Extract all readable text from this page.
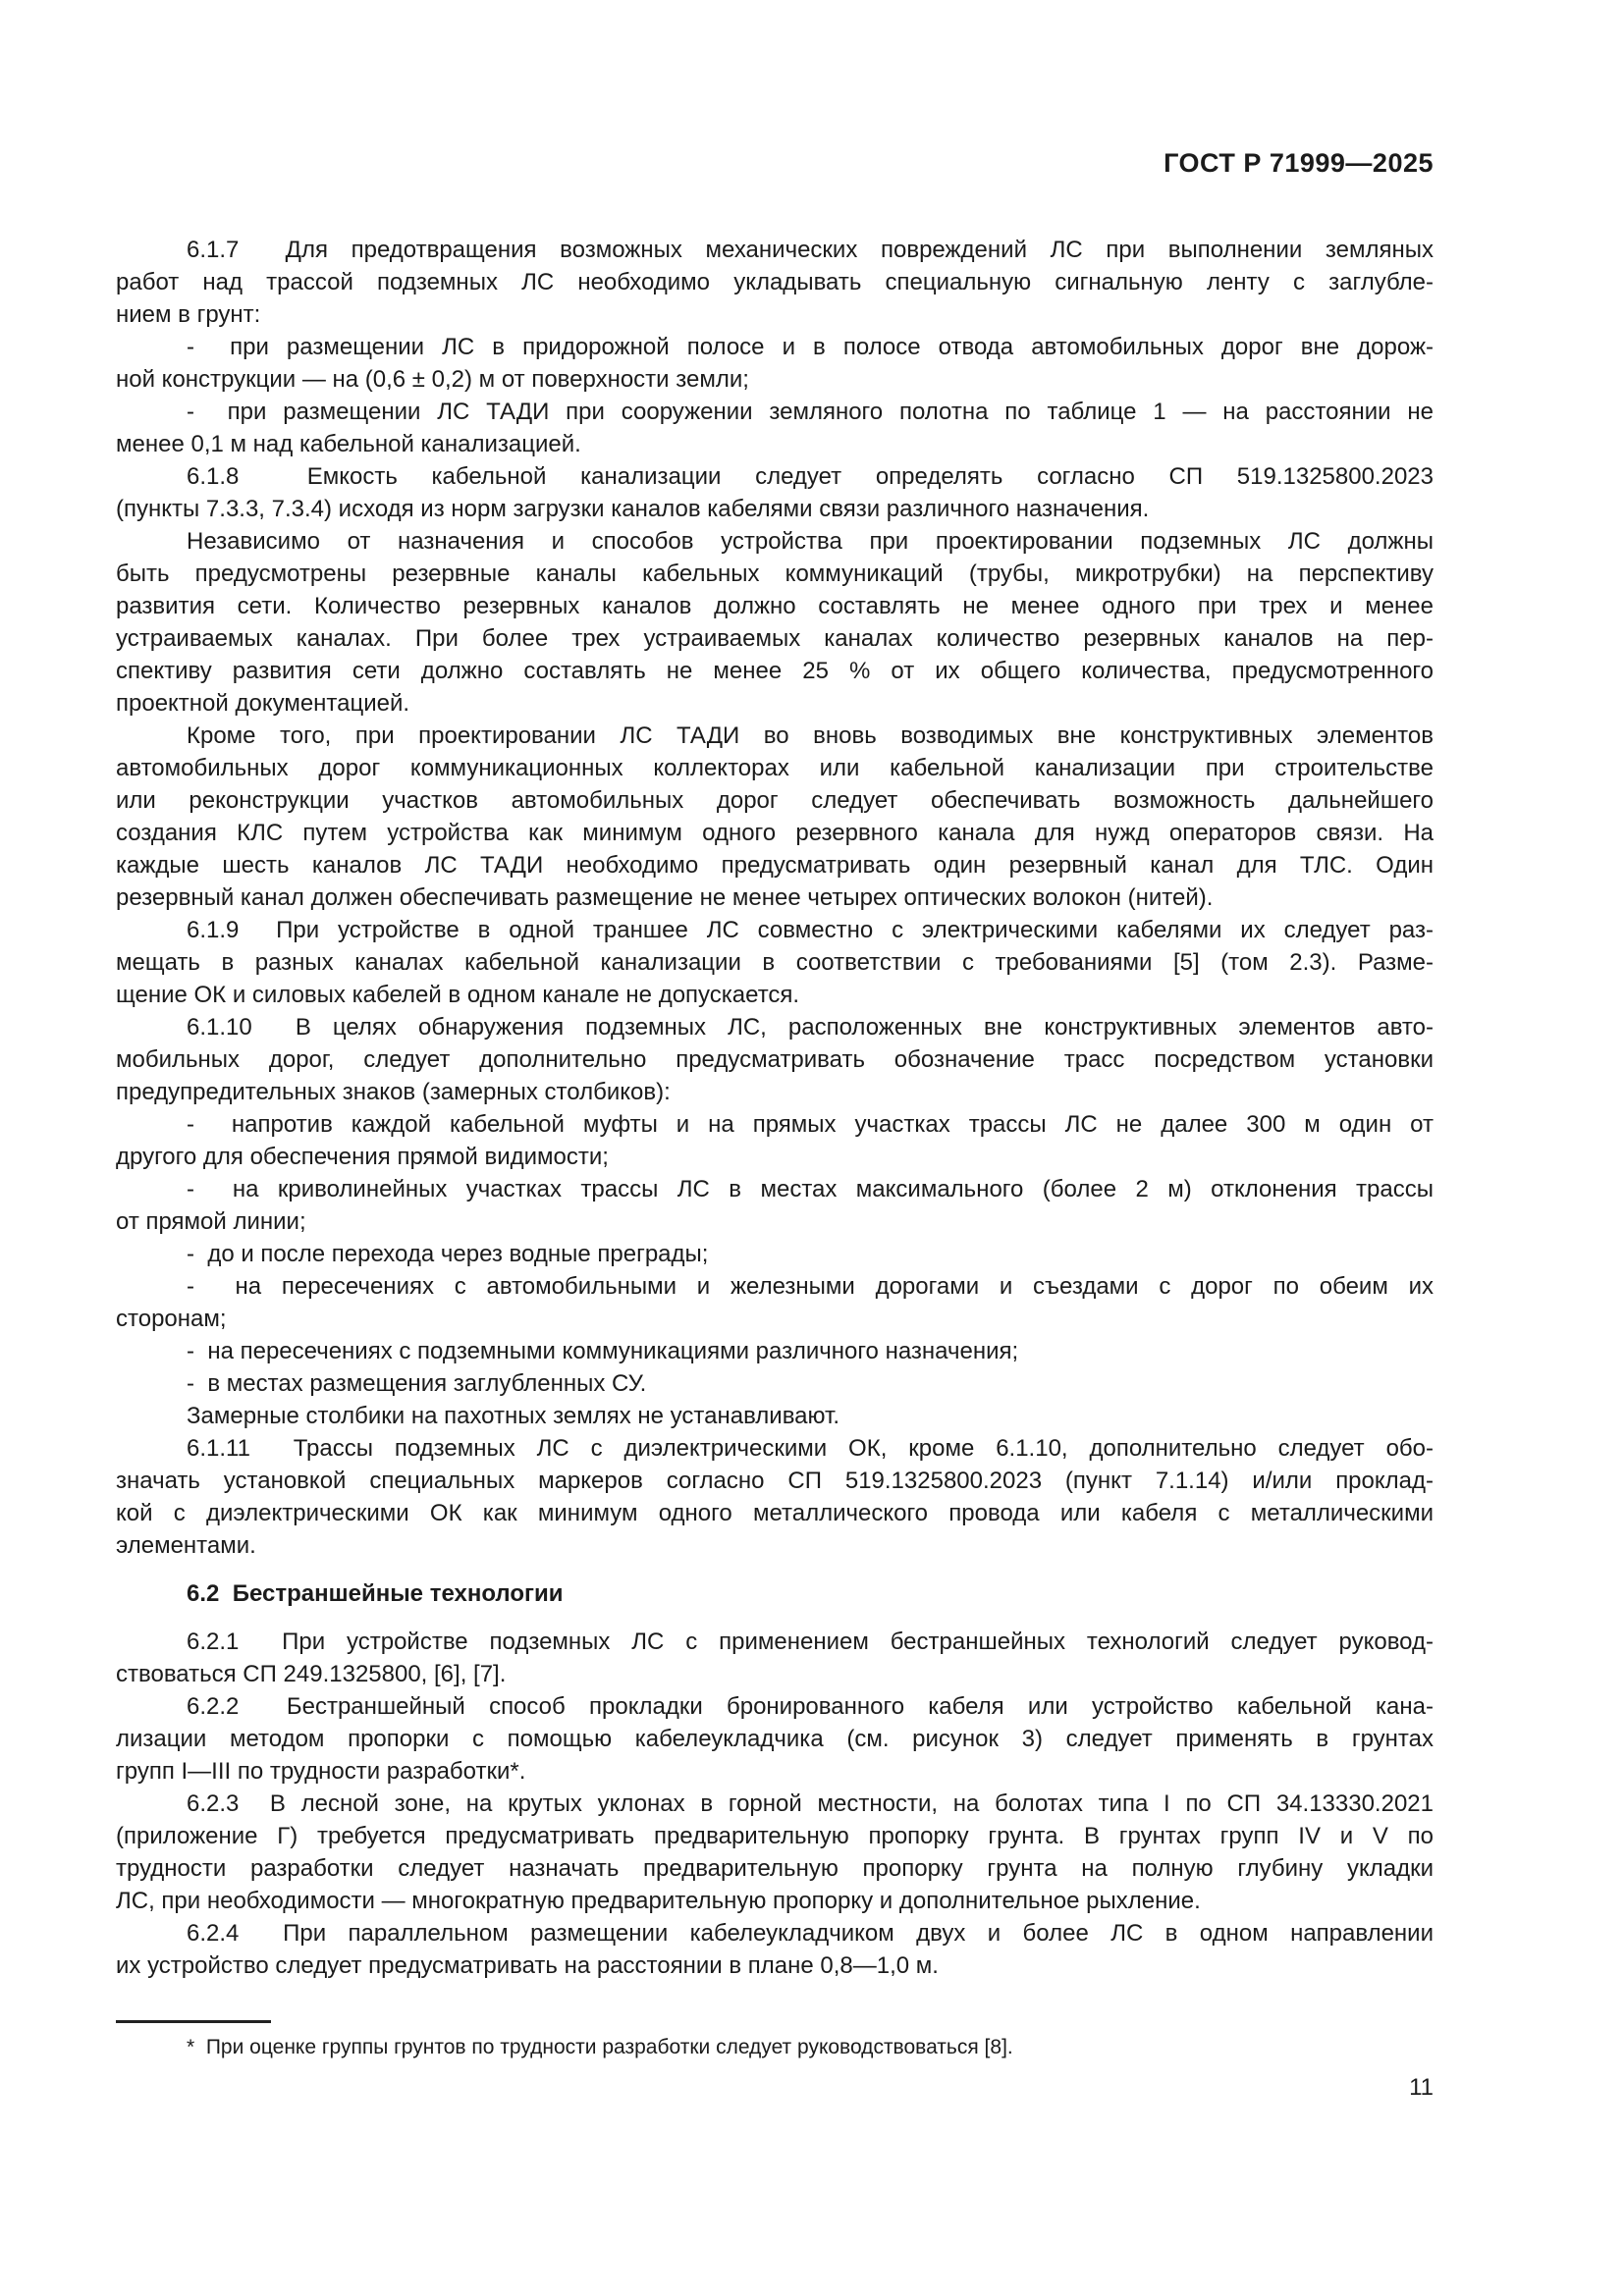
ГОСТ Р 71999—2025
6.1.7  Для предотвращения возможных механических повреждений ЛС при выполнении земляных
работ над трассой подземных ЛС необходимо укладывать специальную сигнальную ленту с заглубле-
нием в грунт:
-  при размещении ЛС в придорожной полосе и в полосе отвода автомобильных дорог вне дорож-
ной конструкции — на (0,6 ± 0,2) м от поверхности земли;
-  при размещении ЛС ТАДИ при сооружении земляного полотна по таблице 1 — на расстоянии не
менее 0,1 м над кабельной канализацией.
6.1.8  Емкость кабельной канализации следует определять согласно СП 519.1325800.2023
(пункты 7.3.3, 7.3.4) исходя из норм загрузки каналов кабелями связи различного назначения.
Независимо от назначения и способов устройства при проектировании подземных ЛС должны
быть предусмотрены резервные каналы кабельных коммуникаций (трубы, микротрубки) на перспективу
развития сети. Количество резервных каналов должно составлять не менее одного при трех и менее
устраиваемых каналах. При более трех устраиваемых каналах количество резервных каналов на пер-
спективу развития сети должно составлять не менее 25 % от их общего количества, предусмотренного
проектной документацией.
Кроме того, при проектировании ЛС ТАДИ во вновь возводимых вне конструктивных элементов
автомобильных дорог коммуникационных коллекторах или кабельной канализации при строительстве
или реконструкции участков автомобильных дорог следует обеспечивать возможность дальнейшего
создания КЛС путем устройства как минимум одного резервного канала для нужд операторов связи. На
каждые шесть каналов ЛС ТАДИ необходимо предусматривать один резервный канал для ТЛС. Один
резервный канал должен обеспечивать размещение не менее четырех оптических волокон (нитей).
6.1.9  При устройстве в одной траншее ЛС совместно с электрическими кабелями их следует раз-
мещать в разных каналах кабельной канализации в соответствии с требованиями [5] (том 2.3). Разме-
щение ОК и силовых кабелей в одном канале не допускается.
6.1.10  В целях обнаружения подземных ЛС, расположенных вне конструктивных элементов авто-
мобильных дорог, следует дополнительно предусматривать обозначение трасс посредством установки
предупредительных знаков (замерных столбиков):
-  напротив каждой кабельной муфты и на прямых участках трассы ЛС не далее 300 м один от
другого для обеспечения прямой видимости;
-  на криволинейных участках трассы ЛС в местах максимального (более 2 м) отклонения трассы
от прямой линии;
-  до и после перехода через водные преграды;
-  на пересечениях с автомобильными и железными дорогами и съездами с дорог по обеим их
сторонам;
-  на пересечениях с подземными коммуникациями различного назначения;
-  в местах размещения заглубленных СУ.
Замерные столбики на пахотных землях не устанавливают.
6.1.11  Трассы подземных ЛС с диэлектрическими ОК, кроме 6.1.10, дополнительно следует обо-
значать установкой специальных маркеров согласно СП 519.1325800.2023 (пункт 7.1.14) и/или проклад-
кой с диэлектрическими ОК как минимум одного металлического провода или кабеля с металлическими
элементами.
6.2  Бестраншейные технологии
6.2.1  При устройстве подземных ЛС с применением бестраншейных технологий следует руковод-
ствоваться СП 249.1325800, [6], [7].
6.2.2  Бестраншейный способ прокладки бронированного кабеля или устройство кабельной кана-
лизации методом пропорки с помощью кабелеукладчика (см. рисунок 3) следует применять в грунтах
групп I—III по трудности разработки*.
6.2.3  В лесной зоне, на крутых уклонах в горной местности, на болотах типа I по СП 34.13330.2021
(приложение Г) требуется предусматривать предварительную пропорку грунта. В грунтах групп IV и V по
трудности разработки следует назначать предварительную пропорку грунта на полную глубину укладки
ЛС, при необходимости — многократную предварительную пропорку и дополнительное рыхление.
6.2.4  При параллельном размещении кабелеукладчиком двух и более ЛС в одном направлении
их устройство следует предусматривать на расстоянии в плане 0,8—1,0 м.
*  При оценке группы грунтов по трудности разработки следует руководствоваться [8].
11
